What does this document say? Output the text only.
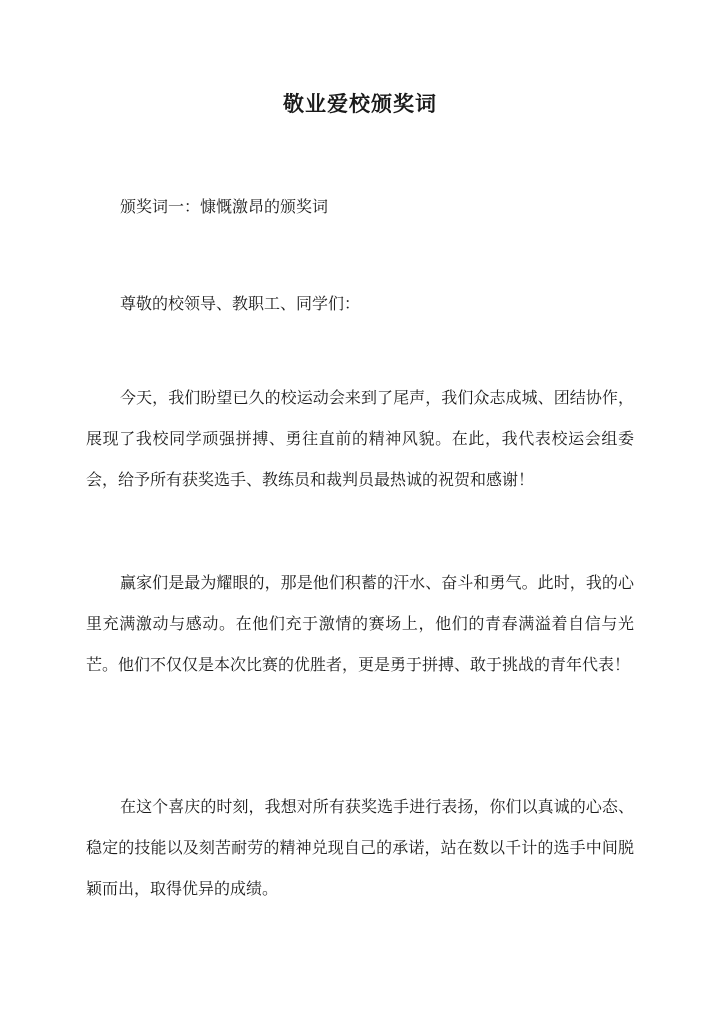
敬业爱校颁奖词

颁奖词一：慷慨激昂的颁奖词

尊敬的校领导、教职工、同学们：

今天，我们盼望已久的校运动会来到了尾声，我们众志成城、团结协作，展现了我校同学顽强拼搏、勇往直前的精神风貌。在此，我代表校运会组委会，给予所有获奖选手、教练员和裁判员最热诚的祝贺和感谢！

赢家们是最为耀眼的，那是他们积蓄的汗水、奋斗和勇气。此时，我的心里充满激动与感动。在他们充于激情的赛场上，他们的青春满溢着自信与光芒。他们不仅仅是本次比赛的优胜者，更是勇于拼搏、敢于挑战的青年代表！

在这个喜庆的时刻，我想对所有获奖选手进行表扬，你们以真诚的心态、稳定的技能以及刻苦耐劳的精神兑现自己的承诺，站在数以千计的选手中间脱颖而出，取得优异的成绩。
